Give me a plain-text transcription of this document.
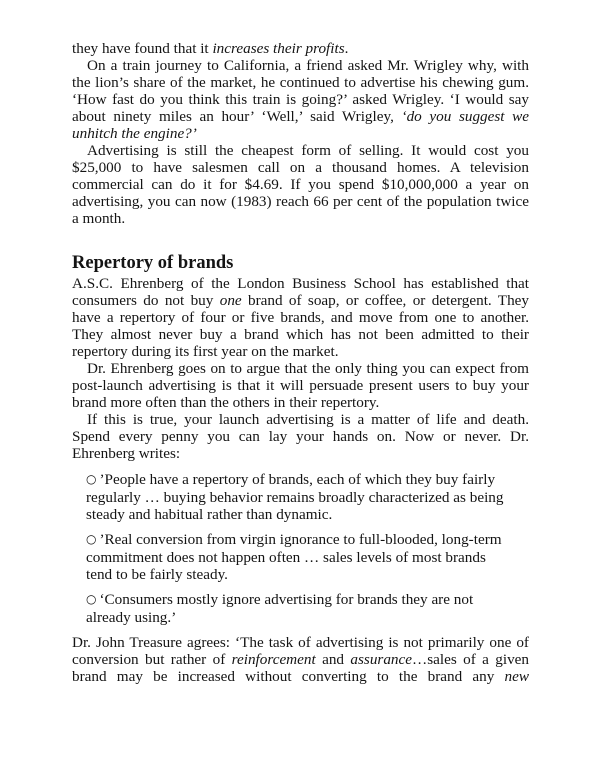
they have found that it increases their profits.

On a train journey to California, a friend asked Mr. Wrigley why, with the lion’s share of the market, he continued to advertise his chewing gum. ‘How fast do you think this train is going?’ asked Wrigley. ‘I would say about ninety miles an hour’ ‘Well,’ said Wrigley, ‘do you suggest we unhitch the engine?’

Advertising is still the cheapest form of selling. It would cost you $25,000 to have salesmen call on a thousand homes. A television commercial can do it for $4.69. If you spend $10,000,000 a year on advertising, you can now (1983) reach 66 per cent of the population twice a month.

Repertory of brands

A.S.C. Ehrenberg of the London Business School has established that consumers do not buy one brand of soap, or coffee, or detergent. They have a repertory of four or five brands, and move from one to another. They almost never buy a brand which has not been admitted to their repertory during its first year on the market.

Dr. Ehrenberg goes on to argue that the only thing you can expect from post-launch advertising is that it will persuade present users to buy your brand more often than the others in their repertory.

If this is true, your launch advertising is a matter of life and death. Spend every penny you can lay your hands on. Now or never. Dr. Ehrenberg writes:

○ ’People have a repertory of brands, each of which they buy fairly regularly … buying behavior remains broadly characterized as being steady and habitual rather than dynamic.
○ ’Real conversion from virgin ignorance to full-blooded, long-term commitment does not happen often … sales levels of most brands tend to be fairly steady.
○ ‘Consumers mostly ignore advertising for brands they are not already using.’

Dr. John Treasure agrees: ‘The task of advertising is not primarily one of conversion but rather of reinforcement and assurance…sales of a given brand may be increased without converting to the brand any new
